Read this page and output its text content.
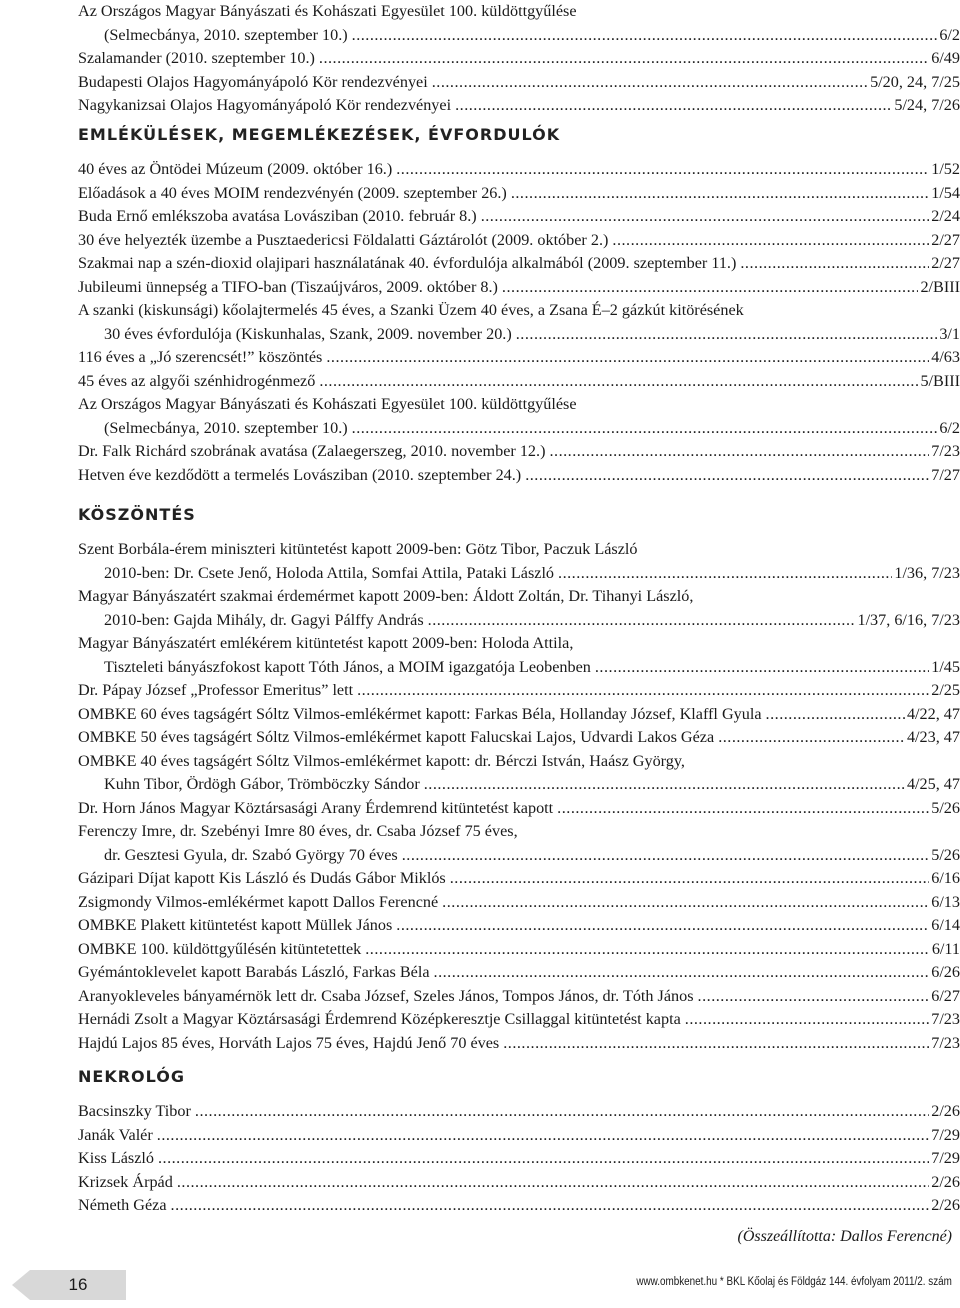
Az Országos Magyar Bányászati és Kohászati Egyesület 100. küldöttgyűlése
(Selmecbánya, 2010. szeptember 10.) .....	6/2
Szalamander (2010. szeptember 10.) .....	6/49
Budapesti Olajos Hagyományápoló Kör rendezvényei .....	5/20, 24, 7/25
Nagykanizsai Olajos Hagyományápoló Kör rendezvényei .....	5/24, 7/26
EMLÉKÜLÉSEK, MEGEMLÉKEZÉSEK, ÉVFORDULÓK
40 éves az Öntödei Múzeum (2009. október 16.) .....	1/52
Előadások a 40 éves MOIM rendezvényén (2009. szeptember 26.) .....	1/54
Buda Ernő emlékszoba avatása Lovásziban (2010. február 8.) .....	2/24
30 éve helyezték üzembe a Pusztaedericsi Földalatti Gáztárolót (2009. október 2.) .....	2/27
Szakmai nap a szén-dioxid olajipari használatának 40. évfordulója alkalmából (2009. szeptember 11.) .....	2/27
Jubileumi ünnepség a TIFO-ban (Tiszaújváros, 2009. október 8.) .....	2/BIII
A szanki (kiskunsági) kőolajtermelés 45 éves, a Szanki Üzem 40 éves, a Zsana É–2 gázkút kitörésének
30 éves évfordulója (Kiskunhalas, Szank, 2009. november 20.) .....	3/1
116 éves a „Jó szerencsét!” köszöntés .....	4/63
45 éves az algyői szénhidrogénmező .....	5/BIII
Az Országos Magyar Bányászati és Kohászati Egyesület 100. küldöttgyűlése
(Selmecbánya, 2010. szeptember 10.) .....	6/2
Dr. Falk Richárd szobrának avatása (Zalaegerszeg, 2010. november 12.) .....	7/23
Hetven éve kezdődött a termelés Lovásziban (2010. szeptember 24.) .....	7/27
KÖSZÖNTÉS
Szent Borbála-érem miniszteri kitüntetést kapott 2009-ben: Götz Tibor, Paczuk László
2010-ben: Dr. Csete Jenő, Holoda Attila, Somfai Attila, Pataki László .....	1/36, 7/23
Magyar Bányászatért szakmai érdemérmet kapott 2009-ben: Áldott Zoltán, Dr. Tihanyi László,
2010-ben: Gajda Mihály, dr. Gagyi Pálffy András .....	1/37, 6/16, 7/23
Magyar Bányászatért emlékérem kitüntetést kapott 2009-ben: Holoda Attila,
Tiszteleti bányászfokost kapott Tóth János, a MOIM igazgatója Leobenben .....	1/45
Dr. Pápay József „Professor Emeritus” lett .....	2/25
OMBKE 60 éves tagságért Sóltz Vilmos-emlékérmet kapott: Farkas Béla, Hollanday József, Klaffl Gyula .....	4/22, 47
OMBKE 50 éves tagságért Sóltz Vilmos-emlékérmet kapott Falucskai Lajos, Udvardi Lakos Géza .....	4/23, 47
OMBKE 40 éves tagságért Sóltz Vilmos-emlékérmet kapott: dr. Bérczi István, Haász György,
Kuhn Tibor, Ördögh Gábor, Trömböczky Sándor .....	4/25, 47
Dr. Horn János Magyar Köztársasági Arany Érdemrend kitüntetést kapott .....	5/26
Ferenczy Imre, dr. Szebényi Imre 80 éves, dr. Csaba József 75 éves,
dr. Gesztesi Gyula, dr. Szabó György 70 éves .....	5/26
Gázipari Díjat kapott Kis László és Dudás Gábor Miklós .....	6/16
Zsigmondy Vilmos-emlékérmet kapott Dallos Ferencné .....	6/13
OMBKE Plakett kitüntetést kapott Müllek János .....	6/14
OMBKE 100. küldöttgyűlésén kitüntetettek .....	6/11
Gyémántoklevelet kapott Barabás László, Farkas Béla .....	6/26
Aranyokleveles bányamérnök lett dr. Csaba József, Szeles János, Tompos János, dr. Tóth János .....	6/27
Hernádi Zsolt a Magyar Köztársasági Érdemrend Középkeresztje Csillaggal kitüntetést kapta .....	7/23
Hajdú Lajos 85 éves, Horváth Lajos 75 éves, Hajdú Jenő 70 éves .....	7/23
NEKROLÓG
Bacsinszky Tibor .....	2/26
Janák Valér .....	7/29
Kiss László .....	7/29
Krizsek Árpád .....	2/26
Németh Géza .....	2/26
(Összeállította: Dallos Ferencné)
16	www.ombkenet.hu * BKL Kőolaj és Földgáz 144. évfolyam 2011/2. szám
